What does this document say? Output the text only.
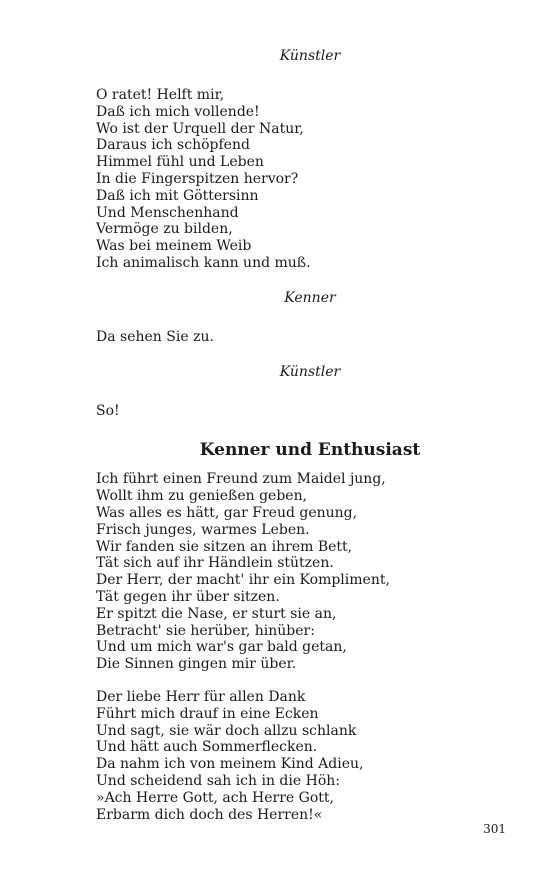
Künstler
O ratet! Helft mir,
Daß ich mich vollende!
Wo ist der Urquell der Natur,
Daraus ich schöpfend
Himmel fühl und Leben
In die Fingerspitzen hervor?
Daß ich mit Göttersinn
Und Menschenhand
Vermöge zu bilden,
Was bei meinem Weib
Ich animalisch kann und muß.
Kenner
Da sehen Sie zu.
Künstler
So!
Kenner und Enthusiast
Ich führt einen Freund zum Maidel jung,
Wollt ihm zu genießen geben,
Was alles es hätt, gar Freud genung,
Frisch junges, warmes Leben.
Wir fanden sie sitzen an ihrem Bett,
Tät sich auf ihr Händlein stützen.
Der Herr, der macht' ihr ein Kompliment,
Tät gegen ihr über sitzen.
Er spitzt die Nase, er sturt sie an,
Betracht' sie herüber, hinüber:
Und um mich war's gar bald getan,
Die Sinnen gingen mir über.
Der liebe Herr für allen Dank
Führt mich drauf in eine Ecken
Und sagt, sie wär doch allzu schlank
Und hätt auch Sommerflecken.
Da nahm ich von meinem Kind Adieu,
Und scheidend sah ich in die Höh:
»Ach Herre Gott, ach Herre Gott,
Erbarm dich doch des Herren!«
301
